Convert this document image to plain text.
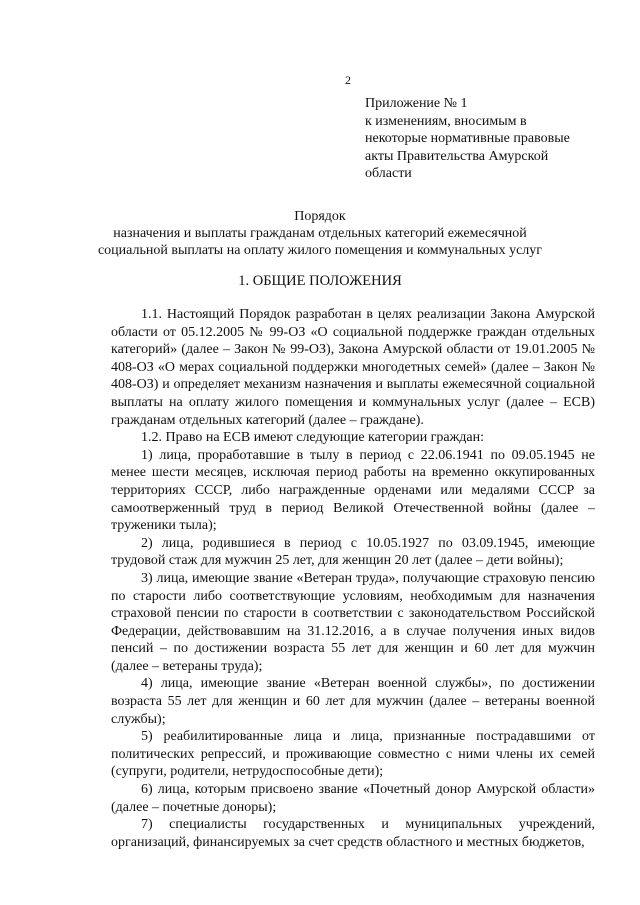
2
Приложение № 1
к изменениям, вносимым в
некоторые нормативные правовые
акты Правительства Амурской
области
Порядок
назначения и выплаты гражданам отдельных категорий ежемесячной
социальной выплаты на оплату жилого помещения и коммунальных услуг
1. ОБЩИЕ ПОЛОЖЕНИЯ

1.1. Настоящий Порядок разработан в целях реализации Закона Амурской области от 05.12.2005 № 99-ОЗ «О социальной поддержке граждан отдельных категорий» (далее – Закон № 99-ОЗ), Закона Амурской области от 19.01.2005 № 408-ОЗ «О мерах социальной поддержки многодетных семей» (далее – Закон № 408-ОЗ) и определяет механизм назначения и выплаты ежемесячной социальной выплаты на оплату жилого помещения и коммунальных услуг (далее – ЕСВ) гражданам отдельных категорий (далее – граждане).

1.2. Право на ЕСВ имеют следующие категории граждан:

1) лица, проработавшие в тылу в период с 22.06.1941 по 09.05.1945 не менее шести месяцев, исключая период работы на временно оккупированных территориях СССР, либо награжденные орденами или медалями СССР за самоотверженный труд в период Великой Отечественной войны (далее – труженики тыла);

2) лица, родившиеся в период с 10.05.1927 по 03.09.1945, имеющие трудовой стаж для мужчин 25 лет, для женщин 20 лет (далее – дети войны);

3) лица, имеющие звание «Ветеран труда», получающие страховую пенсию по старости либо соответствующие условиям, необходимым для назначения страховой пенсии по старости в соответствии с законодательством Российской Федерации, действовавшим на 31.12.2016, а в случае получения иных видов пенсий – по достижении возраста 55 лет для женщин и 60 лет для мужчин (далее – ветераны труда);

4) лица, имеющие звание «Ветеран военной службы», по достижении возраста 55 лет для женщин и 60 лет для мужчин (далее – ветераны военной службы);

5) реабилитированные лица и лица, признанные пострадавшими от политических репрессий, и проживающие совместно с ними члены их семей (супруги, родители, нетрудоспособные дети);

6) лица, которым присвоено звание «Почетный донор Амурской области» (далее – почетные доноры);

7) специалисты государственных и муниципальных учреждений, организаций, финансируемых за счет средств областного и местных бюджетов,
